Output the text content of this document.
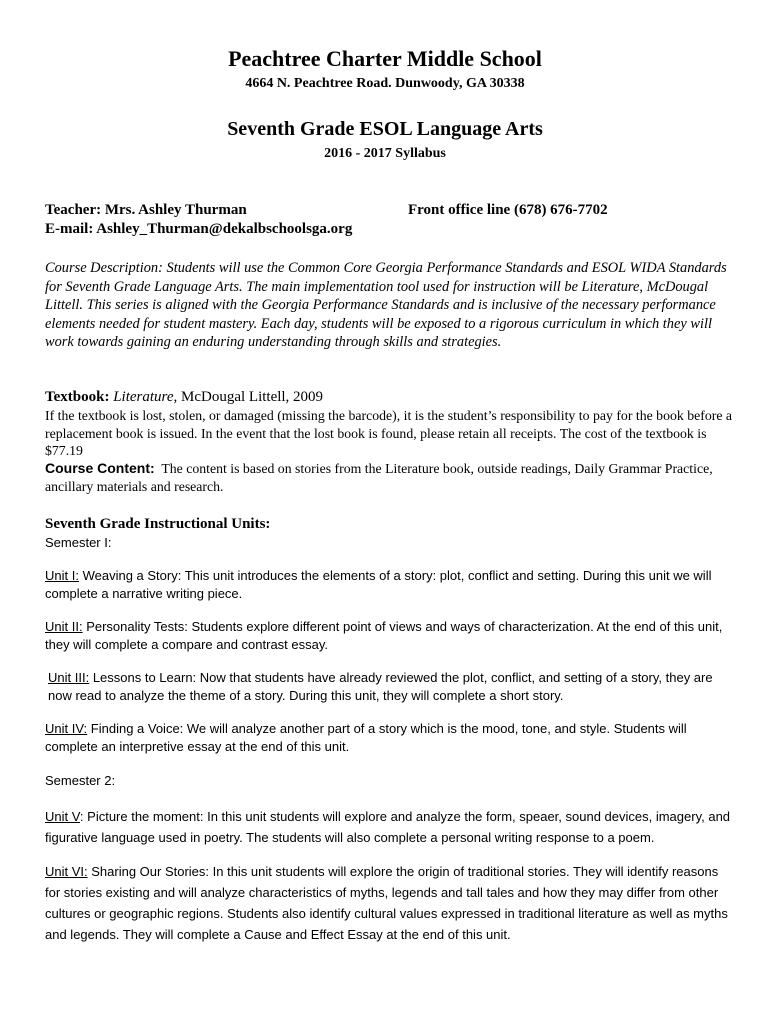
Peachtree Charter Middle School
4664 N. Peachtree Road. Dunwoody, GA 30338
Seventh Grade ESOL Language Arts
2016 - 2017 Syllabus
Teacher: Mrs. Ashley Thurman	Front office line (678) 676-7702
E-mail: Ashley_Thurman@dekalbschoolsga.org
Course Description: Students will use the Common Core Georgia Performance Standards and ESOL WIDA Standards for Seventh Grade Language Arts. The main implementation tool used for instruction will be Literature, McDougal Littell. This series is aligned with the Georgia Performance Standards and is inclusive of the necessary performance elements needed for student mastery. Each day, students will be exposed to a rigorous curriculum in which they will work towards gaining an enduring understanding through skills and strategies.
Textbook: Literature, McDougal Littell, 2009
If the textbook is lost, stolen, or damaged (missing the barcode), it is the student’s responsibility to pay for the book before a replacement book is issued. In the event that the lost book is found, please retain all receipts. The cost of the textbook is $77.19
Course Content: The content is based on stories from the Literature book, outside readings, Daily Grammar Practice, ancillary materials and research.
Seventh Grade Instructional Units:
Semester I:
Unit I: Weaving a Story: This unit introduces the elements of a story: plot, conflict and setting. During this unit we will complete a narrative writing piece.
Unit II: Personality Tests: Students explore different point of views and ways of characterization. At the end of this unit, they will complete a compare and contrast essay.
Unit III: Lessons to Learn: Now that students have already reviewed the plot, conflict, and setting of a story, they are now read to analyze the theme of a story. During this unit, they will complete a short story.
Unit IV: Finding a Voice: We will analyze another part of a story which is the mood, tone, and style. Students will complete an interpretive essay at the end of this unit.
Semester 2:
Unit V: Picture the moment: In this unit students will explore and analyze the form, speaer, sound devices, imagery, and figurative language used in poetry. The students will also complete a personal writing response to a poem.
Unit VI: Sharing Our Stories: In this unit students will explore the origin of traditional stories. They will identify reasons for stories existing and will analyze characteristics of myths, legends and tall tales and how they may differ from other cultures or geographic regions. Students also identify cultural values expressed in traditional literature as well as myths and legends. They will complete a Cause and Effect Essay at the end of this unit.
